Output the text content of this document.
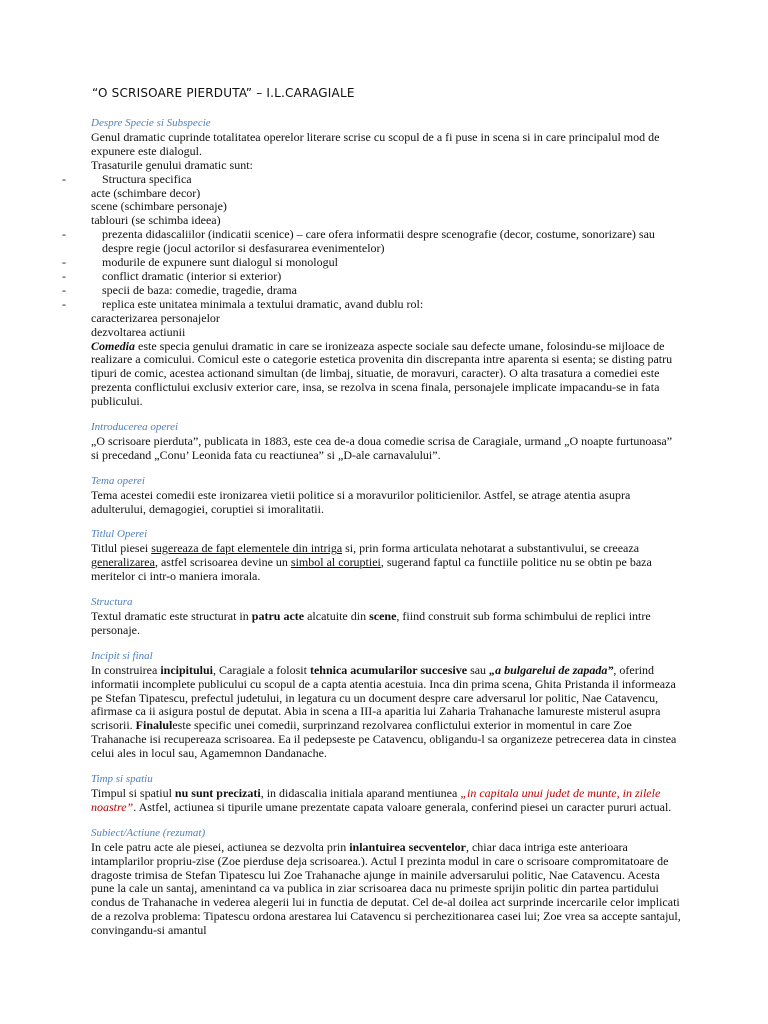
“O SCRISOARE PIERDUTA” – I.L.CARAGIALE
Despre Specie si Subspecie

Genul dramatic cuprinde totalitatea operelor literare scrise cu scopul de a fi puse in scena si in care principalul mod de expunere este dialogul.

Trasaturile genului dramatic sunt:

- Structura specifica

acte (schimbare decor)

scene (schimbare personaje)

tablouri (se schimba ideea)

- prezenta didascaliilor (indicatii scenice) – care ofera informatii despre scenografie (decor, costume, sonorizare) sau despre regie (jocul actorilor si desfasurarea evenimentelor)

- modurile de expunere sunt dialogul si monologul

- conflict dramatic (interior si exterior)

- specii de baza: comedie, tragedie, drama

- replica este unitatea minimala a textului dramatic, avand dublu rol:

caracterizarea personajelor

dezvoltarea actiunii

Comedia este specia genului dramatic in care se ironizeaza aspecte sociale sau defecte umane, folosindu-se mijloace de realizare a comicului. Comicul este o categorie estetica provenita din discrepanta intre aparenta si esenta; se disting patru tipuri de comic, acestea actionand simultan (de limbaj, situatie, de moravuri, caracter). O alta trasatura a comediei este prezenta conflictului exclusiv exterior care, insa, se rezolva in scena finala, personajele implicate impacandu-se in fata publicului.

Introducerea operei

„O scrisoare pierduta”, publicata in 1883, este cea de-a doua comedie scrisa de Caragiale, urmand „O noapte furtunoasa” si precedand „Conu’ Leonida fata cu reactiunea” si „D-ale carnavalului”.

Tema operei

Tema acestei comedii este ironizarea vietii politice si a moravurilor politicienilor. Astfel, se atrage atentia asupra adulterului, demagogiei, coruptiei si imoralitatii.

Titlul Operei

Titlul piesei sugereaza de fapt elementele din intriga si, prin forma articulata nehotarat a substantivului, se creeaza generalizarea, astfel scrisoarea devine un simbol al coruptiei, sugerand faptul ca functiile politice nu se obtin pe baza meritelor ci intr-o maniera imorala.

Structura

Textul dramatic este structurat in patru acte alcatuite din scene, fiind construit sub forma schimbului de replici intre personaje.

Incipit si final

In construirea incipitului, Caragiale a folosit tehnica acumularilor succesive sau „a bulgarelui de zapada”, oferind informatii incomplete publicului cu scopul de a capta atentia acestuia. Inca din prima scena, Ghita Pristanda il informeaza pe Stefan Tipatescu, prefectul judetului, in legatura cu un document despre care adversarul lor politic, Nae Catavencu, afirmase ca ii asigura postul de deputat. Abia in scena a III-a aparitia lui Zaharia Trahanache lamureste misterul asupra scrisorii. Finaluleste specific unei comedii, surprinzand rezolvarea conflictului exterior in momentul in care Zoe Trahanache isi recupereaza scrisoarea. Ea il pedepseste pe Catavencu, obligandu-l sa organizeze petrecerea data in cinstea celui ales in locul sau, Agamemnon Dandanache.

Timp si spatiu

Timpul si spatiul nu sunt precizati, in didascalia initiala aparand mentiunea „in capitala unui judet de munte, in zilele noastre”. Astfel, actiunea si tipurile umane prezentate capata valoare generala, conferind piesei un caracter pururi actual.

Subiect/Actiune (rezumat)

In cele patru acte ale piesei, actiunea se dezvolta prin inlantuirea secventelor, chiar daca intriga este anterioara intamplarilor propriu-zise (Zoe pierduse deja scrisoarea.). Actul I prezinta modul in care o scrisoare compromitatoare de dragoste trimisa de Stefan Tipatescu lui Zoe Trahanache ajunge in mainile adversarului politic, Nae Catavencu. Acesta pune la cale un santaj, amenintand ca va publica in ziar scrisoarea daca nu primeste sprijin politic din partea partidului condus de Trahanache in vederea alegerii lui in functia de deputat. Cel de-al doilea act surprinde incercarile celor implicati de a rezolva problema: Tipatescu ordona arestarea lui Catavencu si perchezitionarea casei lui; Zoe vrea sa accepte santajul, convingandu-si amantul
